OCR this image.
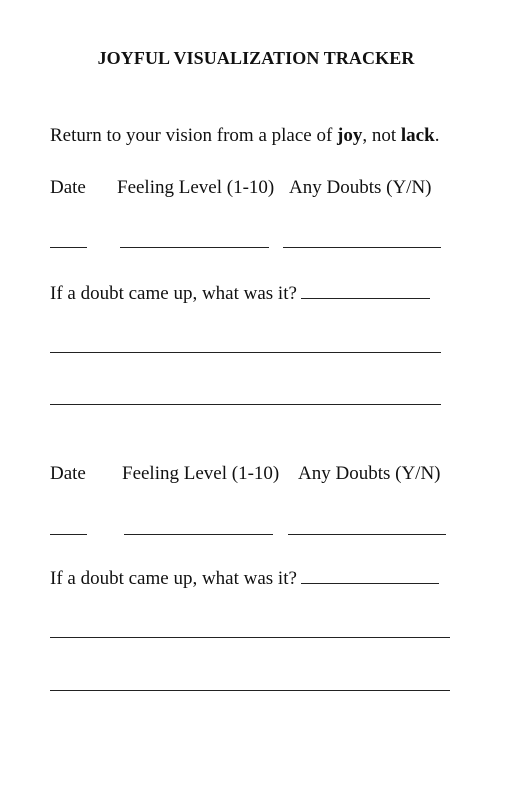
JOYFUL VISUALIZATION TRACKER
Return to your vision from a place of joy, not lack.
Date Feeling Level (1-10) Any Doubts (Y/N)
If a doubt came up, what was it?
Date Feeling Level (1-10) Any Doubts (Y/N)
If a doubt came up, what was it?
